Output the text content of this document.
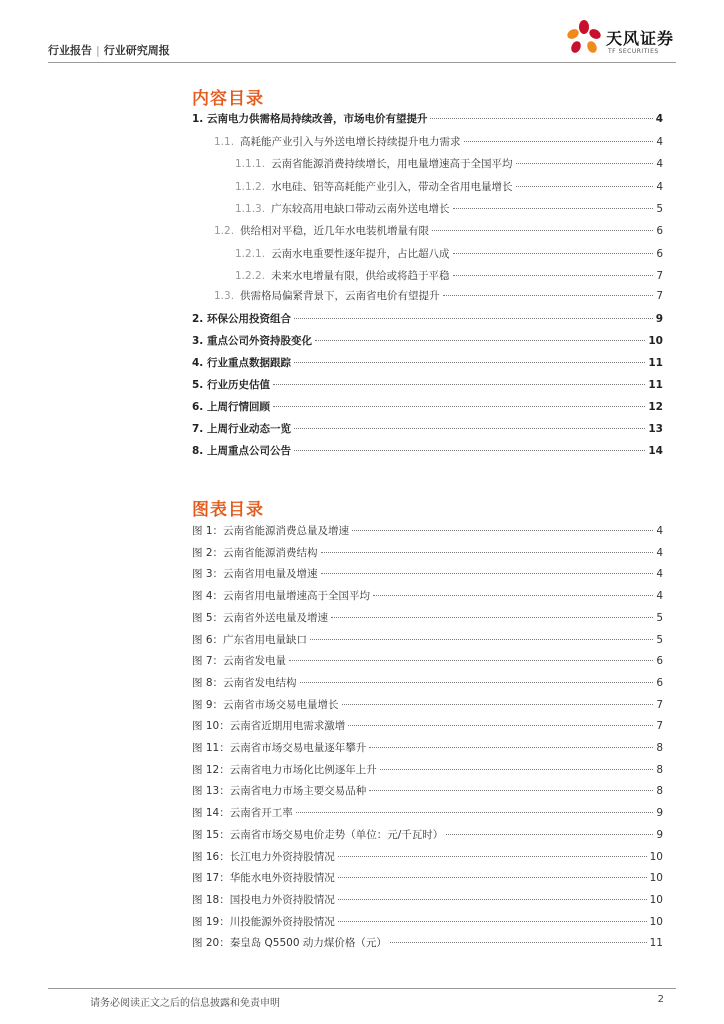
行业报告 | 行业研究周报
天风证券
TF SECURITIES
内容目录
1. 云南电力供需格局持续改善，市场电价有望提升	4
1.1. 高耗能产业引入与外送电增长持续提升电力需求	4
1.1.1. 云南省能源消费持续增长，用电量增速高于全国平均	4
1.1.2. 水电硅、铝等高耗能产业引入，带动全省用电量增长	4
1.1.3. 广东较高用电缺口带动云南外送电增长	5
1.2. 供给相对平稳，近几年水电装机增量有限	6
1.2.1. 云南水电重要性逐年提升，占比超八成	6
1.2.2. 未来水电增量有限，供给或将趋于平稳	7
1.3. 供需格局偏紧背景下，云南省电价有望提升	7
2. 环保公用投资组合	9
3. 重点公司外资持股变化	10
4. 行业重点数据跟踪	11
5. 行业历史估值	11
6. 上周行情回顾	12
7. 上周行业动态一览	13
8. 上周重点公司公告	14
图表目录
图 1：云南省能源消费总量及增速	4
图 2：云南省能源消费结构	4
图 3：云南省用电量及增速	4
图 4：云南省用电量增速高于全国平均	4
图 5：云南省外送电量及增速	5
图 6：广东省用电量缺口	5
图 7：云南省发电量	6
图 8：云南省发电结构	6
图 9：云南省市场交易电量增长	7
图 10：云南省近期用电需求激增	7
图 11：云南省市场交易电量逐年攀升	8
图 12：云南省电力市场化比例逐年上升	8
图 13：云南省电力市场主要交易品种	8
图 14：云南省开工率	9
图 15：云南省市场交易电价走势（单位：元/千瓦时）	9
图 16：长江电力外资持股情况	10
图 17：华能水电外资持股情况	10
图 18：国投电力外资持股情况	10
图 19：川投能源外资持股情况	10
图 20：秦皇岛 Q5500 动力煤价格（元）	11
请务必阅读正文之后的信息披露和免责申明	2
